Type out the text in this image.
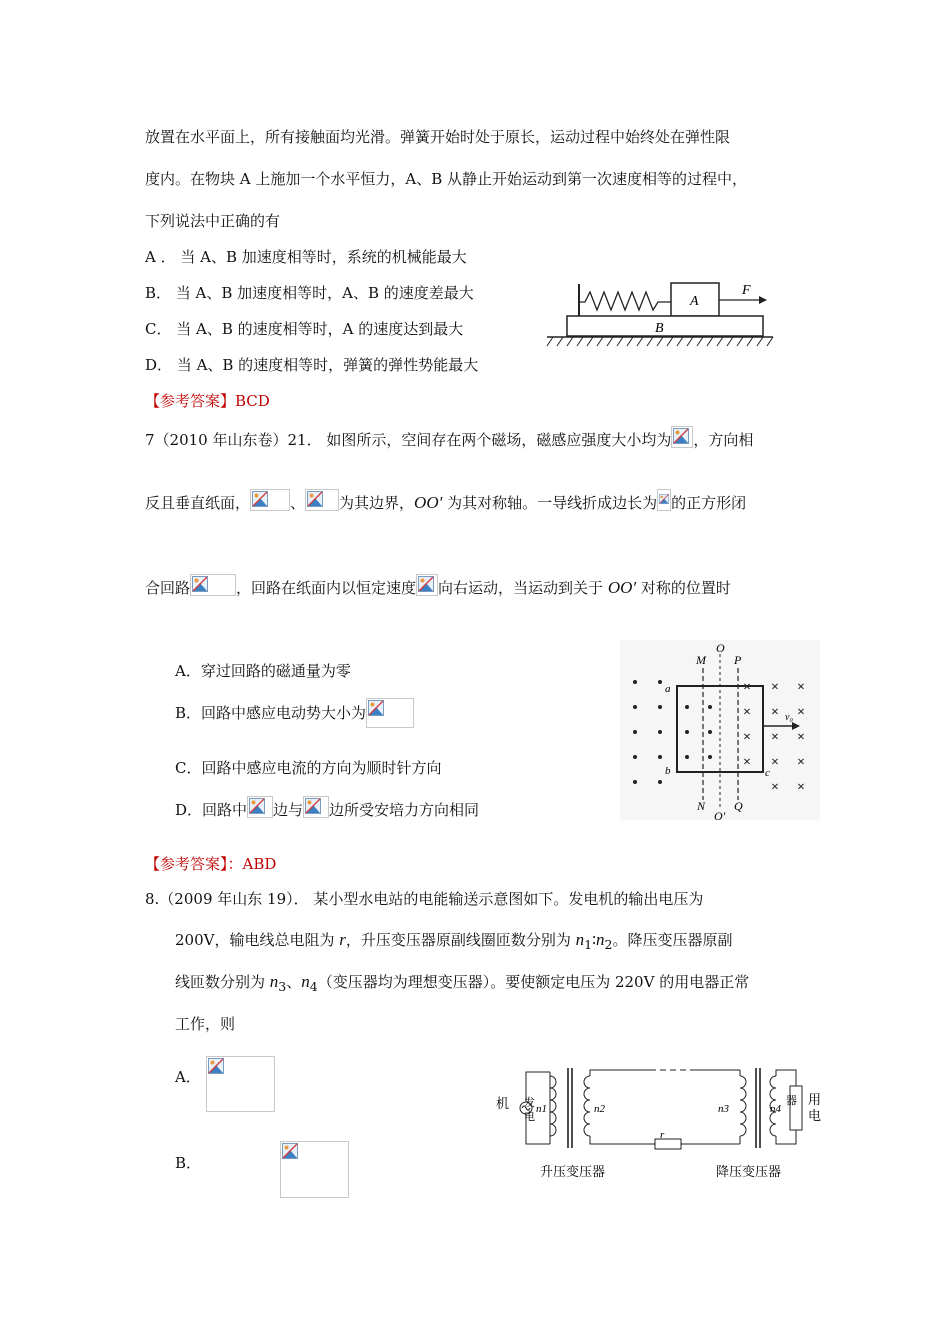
放置在水平面上，所有接触面均光滑。弹簧开始时处于原长，运动过程中始终处在弹性限
度内。在物块 A 上施加一个水平恒力，A、B 从静止开始运动到第一次速度相等的过程中，
下列说法中正确的有
A ． 当 A、B 加速度相等时，系统的机械能最大
B． 当 A、B 加速度相等时，A、B 的速度差最大
C． 当 A、B 的速度相等时，A 的速度达到最大
D． 当 A、B 的速度相等时，弹簧的弹性势能最大
A
F
B
【参考答案】BCD
7（2010 年山东卷）21． 如图所示，空间存在两个磁场，磁感应强度大小均为 ，方向相
反且垂直纸面，	、 为其边界，OO′ 为其对称轴。一导线折成边长为 的正方形闭
合回路	，回路在纸面内以恒定速度 向右运动，当运动到关于 OO′ 对称的位置时
A．穿过回路的磁通量为零
B．回路中感应电动势大小为
C．回路中感应电流的方向为顺时针方向
D．回路中 边与 边所受安培力方向相同
× × ×
× × ×
× × ×
× × ×
× ×
M
O
P
N
O′
Q
a
b	c
v₀
【参考答案】：ABD
8.（2009 年山东 19）． 某小型水电站的电能输送示意图如下。发电机的输出电压为
200V，输电线总电阻为 r，升压变压器原副线圈匝数分别为 $n_1∶n_2$。降压变压器原副
线匝数分别为 $n_3$、$n_4$（变压器均为理想变压器）。要使额定电压为 220V 的用电器正常
工作，则
A．

B．
机 发
电
n1	n2	n3	n4
r
用
电
器
升压变压器	降压变压器
